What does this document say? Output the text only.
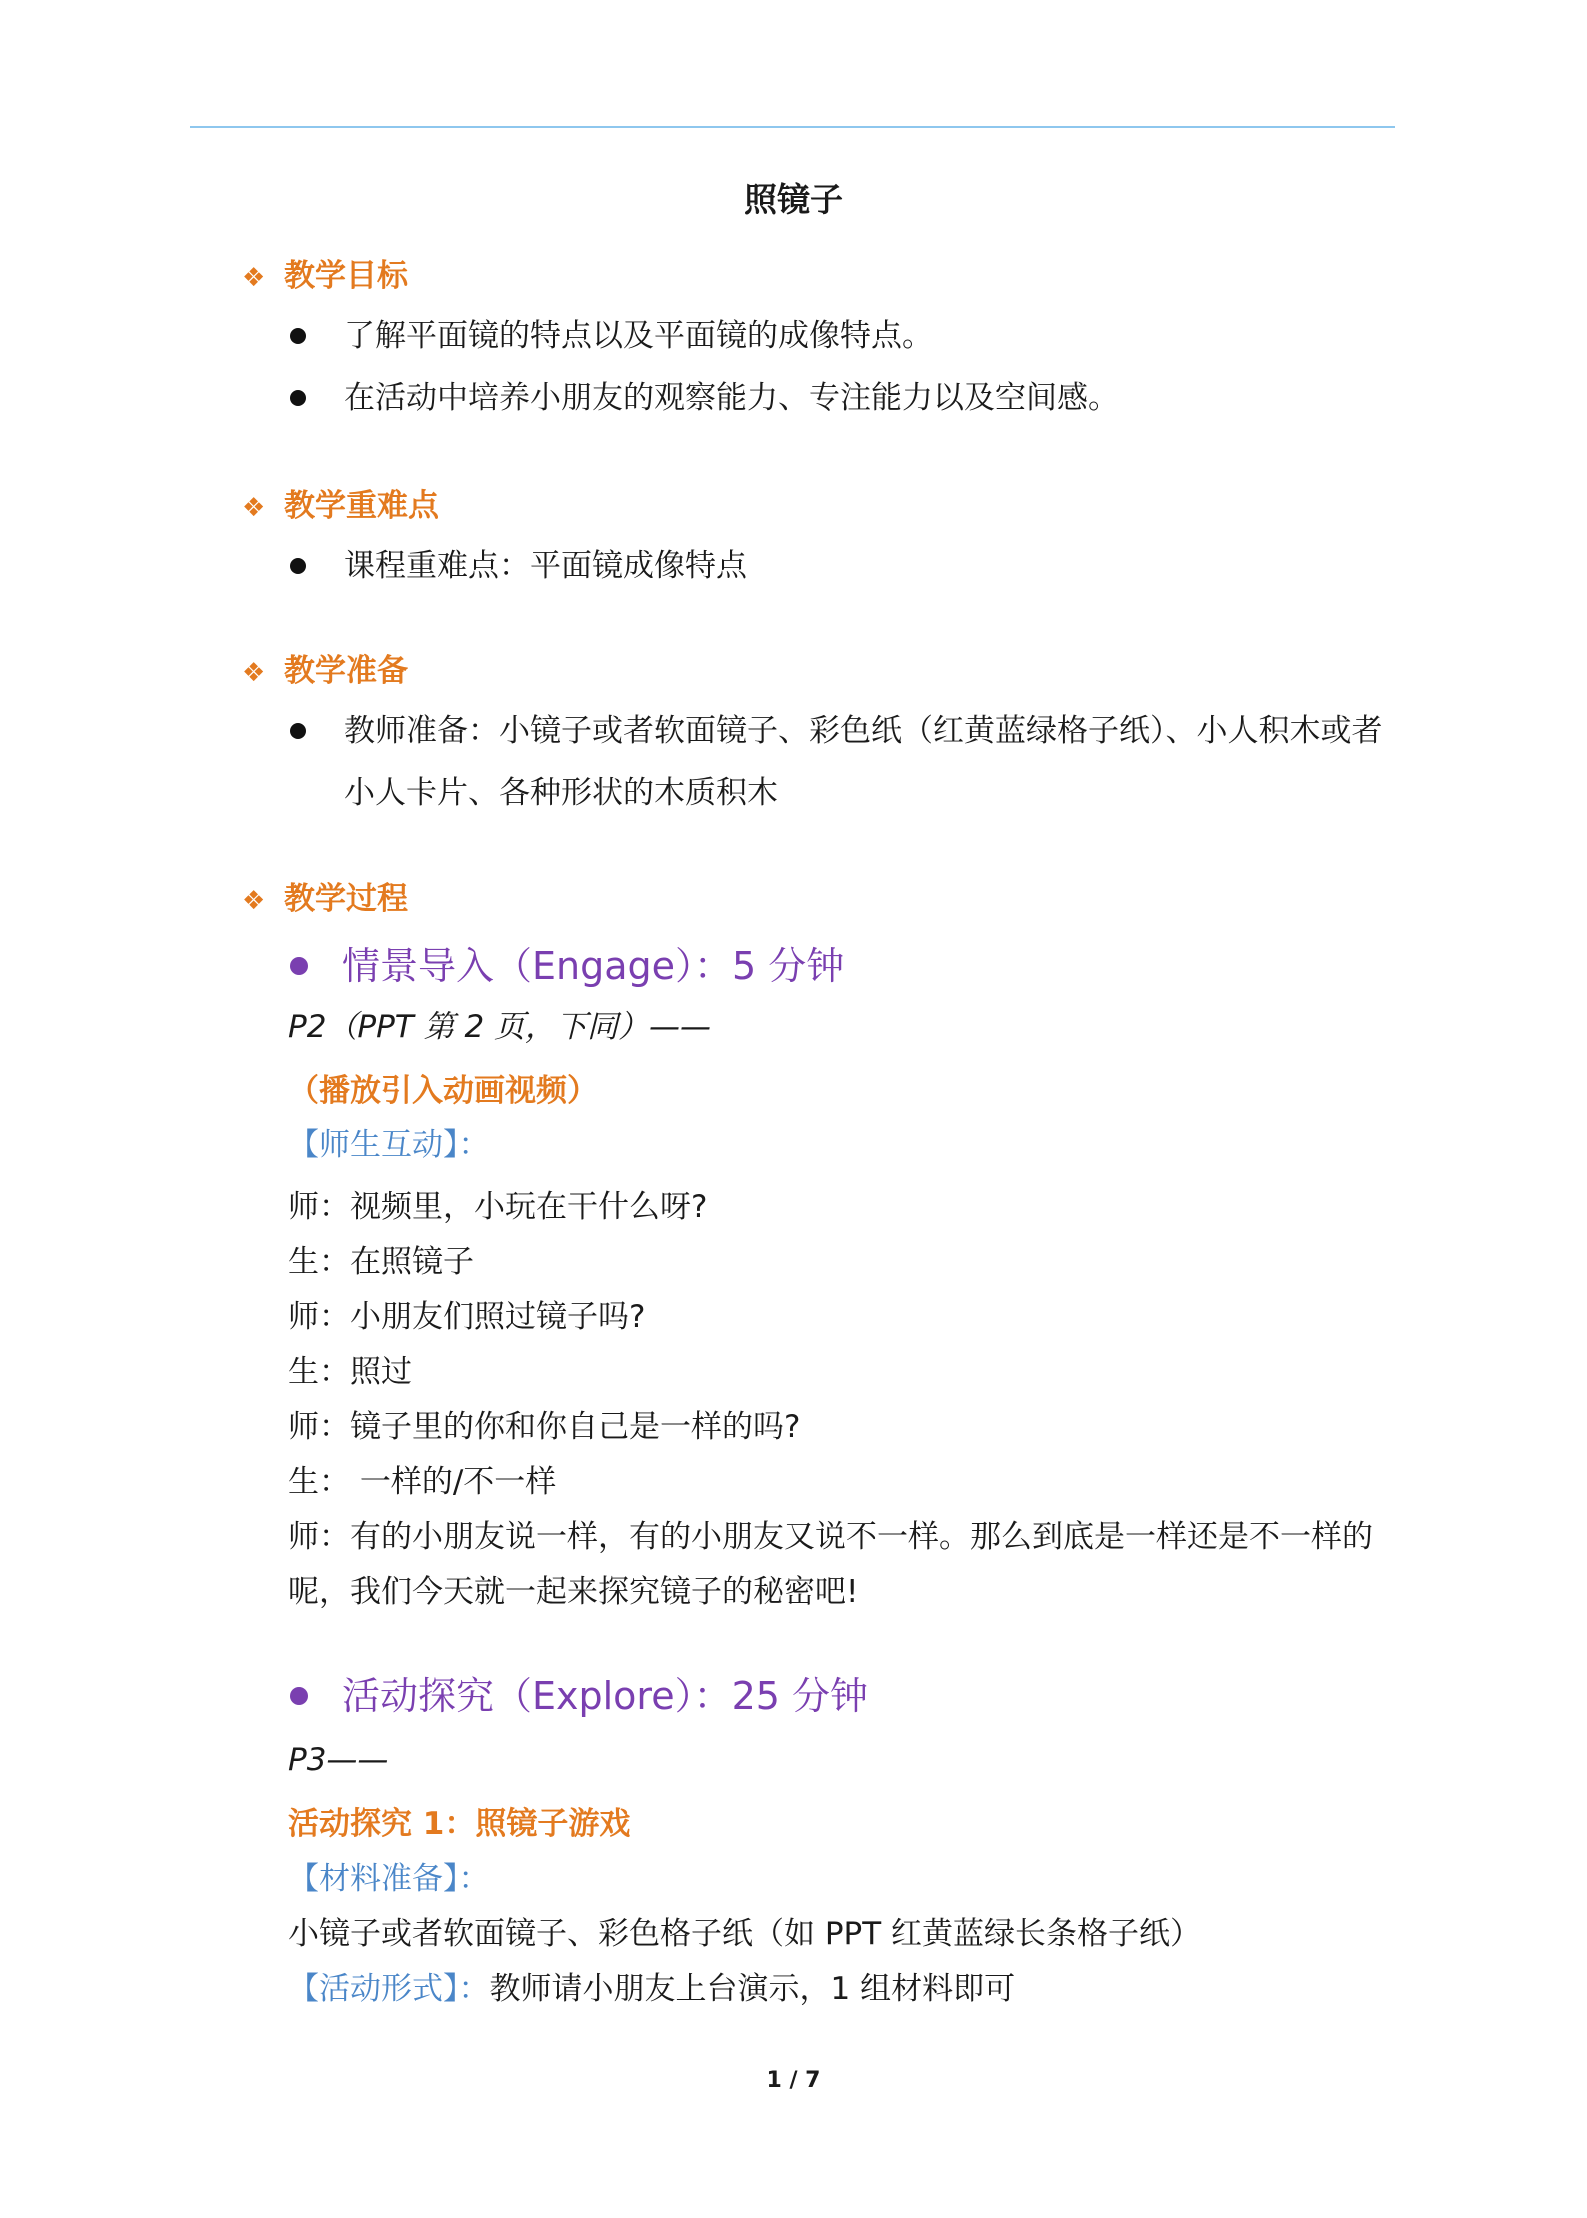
照镜子
❖ 教学目标
了解平面镜的特点以及平面镜的成像特点。
在活动中培养小朋友的观察能力、专注能力以及空间感。
❖ 教学重难点
课程重难点：平面镜成像特点
❖ 教学准备
教师准备：小镜子或者软面镜子、彩色纸（红黄蓝绿格子纸）、小人积木或者小人卡片、各种形状的木质积木
❖ 教学过程
情景导入（Engage）：5 分钟
P2（PPT 第 2 页，下同）——
（播放引入动画视频）
【师生互动】：
师：视频里，小玩在干什么呀?
生：在照镜子
师：小朋友们照过镜子吗?
生：照过
师：镜子里的你和你自己是一样的吗?
生： 一样的/不一样
师：有的小朋友说一样，有的小朋友又说不一样。那么到底是一样还是不一样的呢，我们今天就一起来探究镜子的秘密吧!
活动探究（Explore）：25 分钟
P3——
活动探究 1：照镜子游戏
【材料准备】：小镜子或者软面镜子、彩色格子纸（如 PPT 红黄蓝绿长条格子纸）
【活动形式】：教师请小朋友上台演示，1 组材料即可
1 / 7
